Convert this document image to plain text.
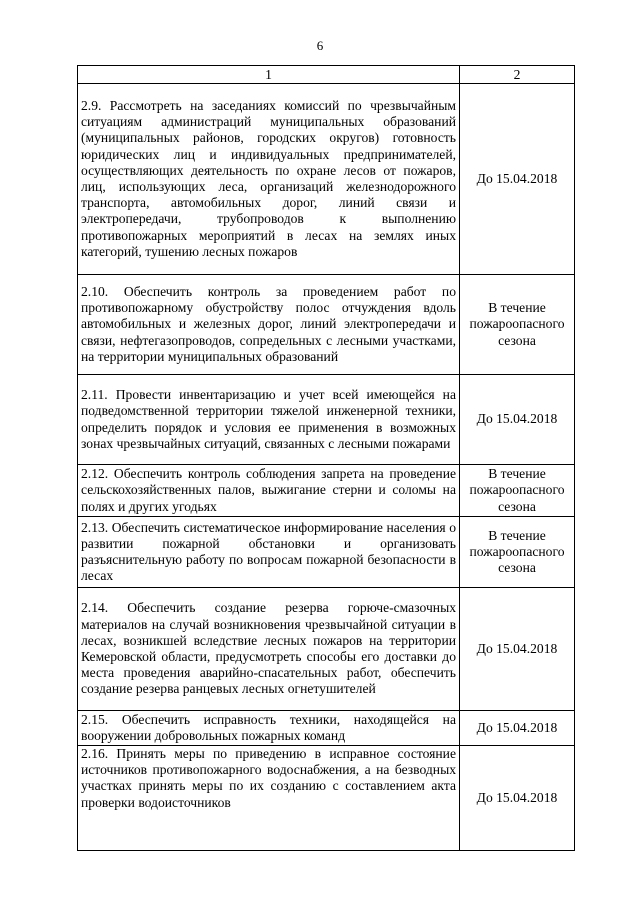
6
1	2
2.9. Рассмотреть на заседаниях комиссий по чрезвычайным ситуациям администраций муниципальных образований (муниципальных районов, городских округов) готовность юридических лиц и индивидуальных предпринимателей, осуществляющих деятельность по охране лесов от пожаров, лиц, использующих леса, организаций железнодорожного транспорта, автомобильных дорог, линий связи и электропередачи, трубопроводов к выполнению противопожарных мероприятий в лесах на землях иных категорий, тушению лесных пожаров	До 15.04.2018
2.10. Обеспечить контроль за проведением работ по противопожарному обустройству полос отчуждения вдоль автомобильных и железных дорог, линий электропередачи и связи, нефтегазопроводов, сопредельных с лесными участками, на территории муниципальных образований	В течение пожароопасного сезона
2.11. Провести инвентаризацию и учет всей имеющейся на подведомственной территории тяжелой инженерной техники, определить порядок и условия ее применения в возможных зонах чрезвычайных ситуаций, связанных с лесными пожарами	До 15.04.2018
2.12. Обеспечить контроль соблюдения запрета на проведение сельскохозяйственных палов, выжигание стерни и соломы на полях и других угодьях	В течение пожароопасного сезона
2.13. Обеспечить систематическое информирование населения о развитии пожарной обстановки и организовать разъяснительную работу по вопросам пожарной безопасности в лесах	В течение пожароопасного сезона
2.14. Обеспечить создание резерва горюче-смазочных материалов на случай возникновения чрезвычайной ситуации в лесах, возникшей вследствие лесных пожаров на территории Кемеровской области, предусмотреть способы его доставки до места проведения аварийно-спасательных работ, обеспечить создание резерва ранцевых лесных огнетушителей	До 15.04.2018
2.15. Обеспечить исправность техники, находящейся на вооружении добровольных пожарных команд	До 15.04.2018
2.16. Принять меры по приведению в исправное состояние источников противопожарного водоснабжения, а на безводных участках принять меры по их созданию с составлением акта проверки водоисточников	До 15.04.2018
